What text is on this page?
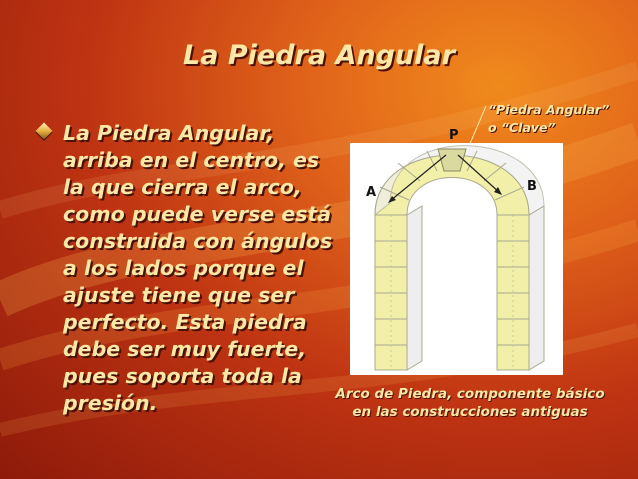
La Piedra Angular

La Piedra Angular, arriba en el centro, es la que cierra el arco, como puede verse está construida con ángulos a los lados porque el ajuste tiene que ser perfecto. Esta piedra debe ser muy fuerte, pues soporta toda la presión.

“Piedra Angular”
o “Clave”
P
A	B
Arco de Piedra, componente básico
en las construcciones antiguas
